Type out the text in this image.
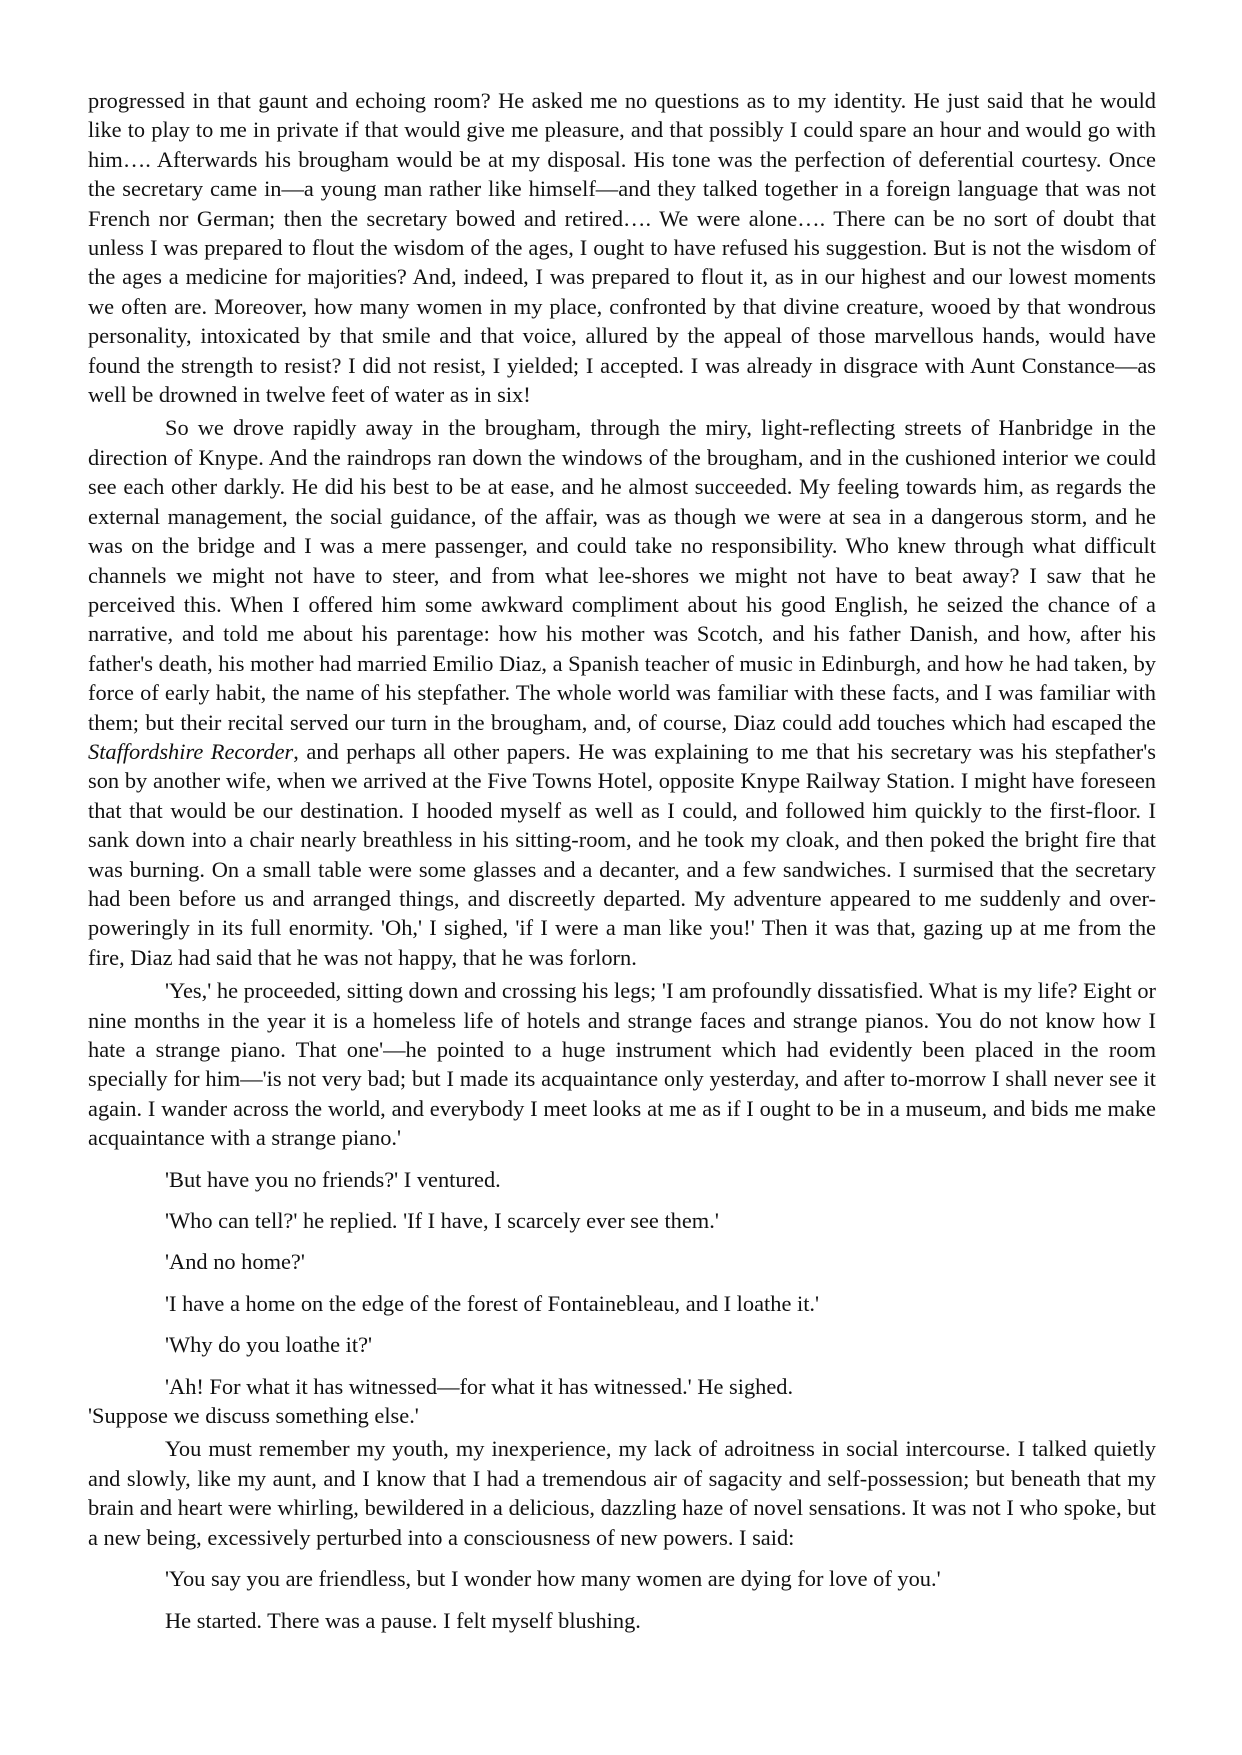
progressed in that gaunt and echoing room? He asked me no questions as to my identity. He just said that he would like to play to me in private if that would give me pleasure, and that possibly I could spare an hour and would go with him…. Afterwards his brougham would be at my disposal. His tone was the perfection of deferential courtesy. Once the secretary came in—a young man rather like himself—and they talked together in a foreign language that was not French nor German; then the secretary bowed and retired…. We were alone…. There can be no sort of doubt that unless I was prepared to flout the wisdom of the ages, I ought to have refused his suggestion. But is not the wisdom of the ages a medicine for majorities? And, indeed, I was prepared to flout it, as in our highest and our lowest moments we often are. Moreover, how many women in my place, confronted by that divine creature, wooed by that wondrous personality, intoxicated by that smile and that voice, allured by the appeal of those marvellous hands, would have found the strength to resist? I did not resist, I yielded; I accepted. I was already in disgrace with Aunt Constance—as well be drowned in twelve feet of water as in six!

So we drove rapidly away in the brougham, through the miry, light-reflecting streets of Hanbridge in the direction of Knype. And the raindrops ran down the windows of the brougham, and in the cushioned interior we could see each other darkly. He did his best to be at ease, and he almost succeeded. My feeling towards him, as regards the external management, the social guidance, of the affair, was as though we were at sea in a dangerous storm, and he was on the bridge and I was a mere passenger, and could take no responsibility. Who knew through what difficult channels we might not have to steer, and from what lee-shores we might not have to beat away? I saw that he perceived this. When I offered him some awkward compliment about his good English, he seized the chance of a narrative, and told me about his parentage: how his mother was Scotch, and his father Danish, and how, after his father's death, his mother had married Emilio Diaz, a Spanish teacher of music in Edinburgh, and how he had taken, by force of early habit, the name of his stepfather. The whole world was familiar with these facts, and I was familiar with them; but their recital served our turn in the brougham, and, of course, Diaz could add touches which had escaped the Staffordshire Recorder, and perhaps all other papers. He was explaining to me that his secretary was his stepfather's son by another wife, when we arrived at the Five Towns Hotel, opposite Knype Railway Station. I might have foreseen that that would be our destination. I hooded myself as well as I could, and followed him quickly to the first-floor. I sank down into a chair nearly breathless in his sitting-room, and he took my cloak, and then poked the bright fire that was burning. On a small table were some glasses and a decanter, and a few sandwiches. I surmised that the secretary had been before us and arranged things, and discreetly departed. My adventure appeared to me suddenly and over-poweringly in its full enormity. 'Oh,' I sighed, 'if I were a man like you!' Then it was that, gazing up at me from the fire, Diaz had said that he was not happy, that he was forlorn.

'Yes,' he proceeded, sitting down and crossing his legs; 'I am profoundly dissatisfied. What is my life? Eight or nine months in the year it is a homeless life of hotels and strange faces and strange pianos. You do not know how I hate a strange piano. That one'—he pointed to a huge instrument which had evidently been placed in the room specially for him—'is not very bad; but I made its acquaintance only yesterday, and after to-morrow I shall never see it again. I wander across the world, and everybody I meet looks at me as if I ought to be in a museum, and bids me make acquaintance with a strange piano.'

'But have you no friends?' I ventured.

'Who can tell?' he replied. 'If I have, I scarcely ever see them.'

'And no home?'

'I have a home on the edge of the forest of Fontainebleau, and I loathe it.'

'Why do you loathe it?'

'Ah! For what it has witnessed—for what it has witnessed.' He sighed.

'Suppose we discuss something else.'

You must remember my youth, my inexperience, my lack of adroitness in social intercourse. I talked quietly and slowly, like my aunt, and I know that I had a tremendous air of sagacity and self-possession; but beneath that my brain and heart were whirling, bewildered in a delicious, dazzling haze of novel sensations. It was not I who spoke, but a new being, excessively perturbed into a consciousness of new powers. I said:

'You say you are friendless, but I wonder how many women are dying for love of you.'

He started. There was a pause. I felt myself blushing.
